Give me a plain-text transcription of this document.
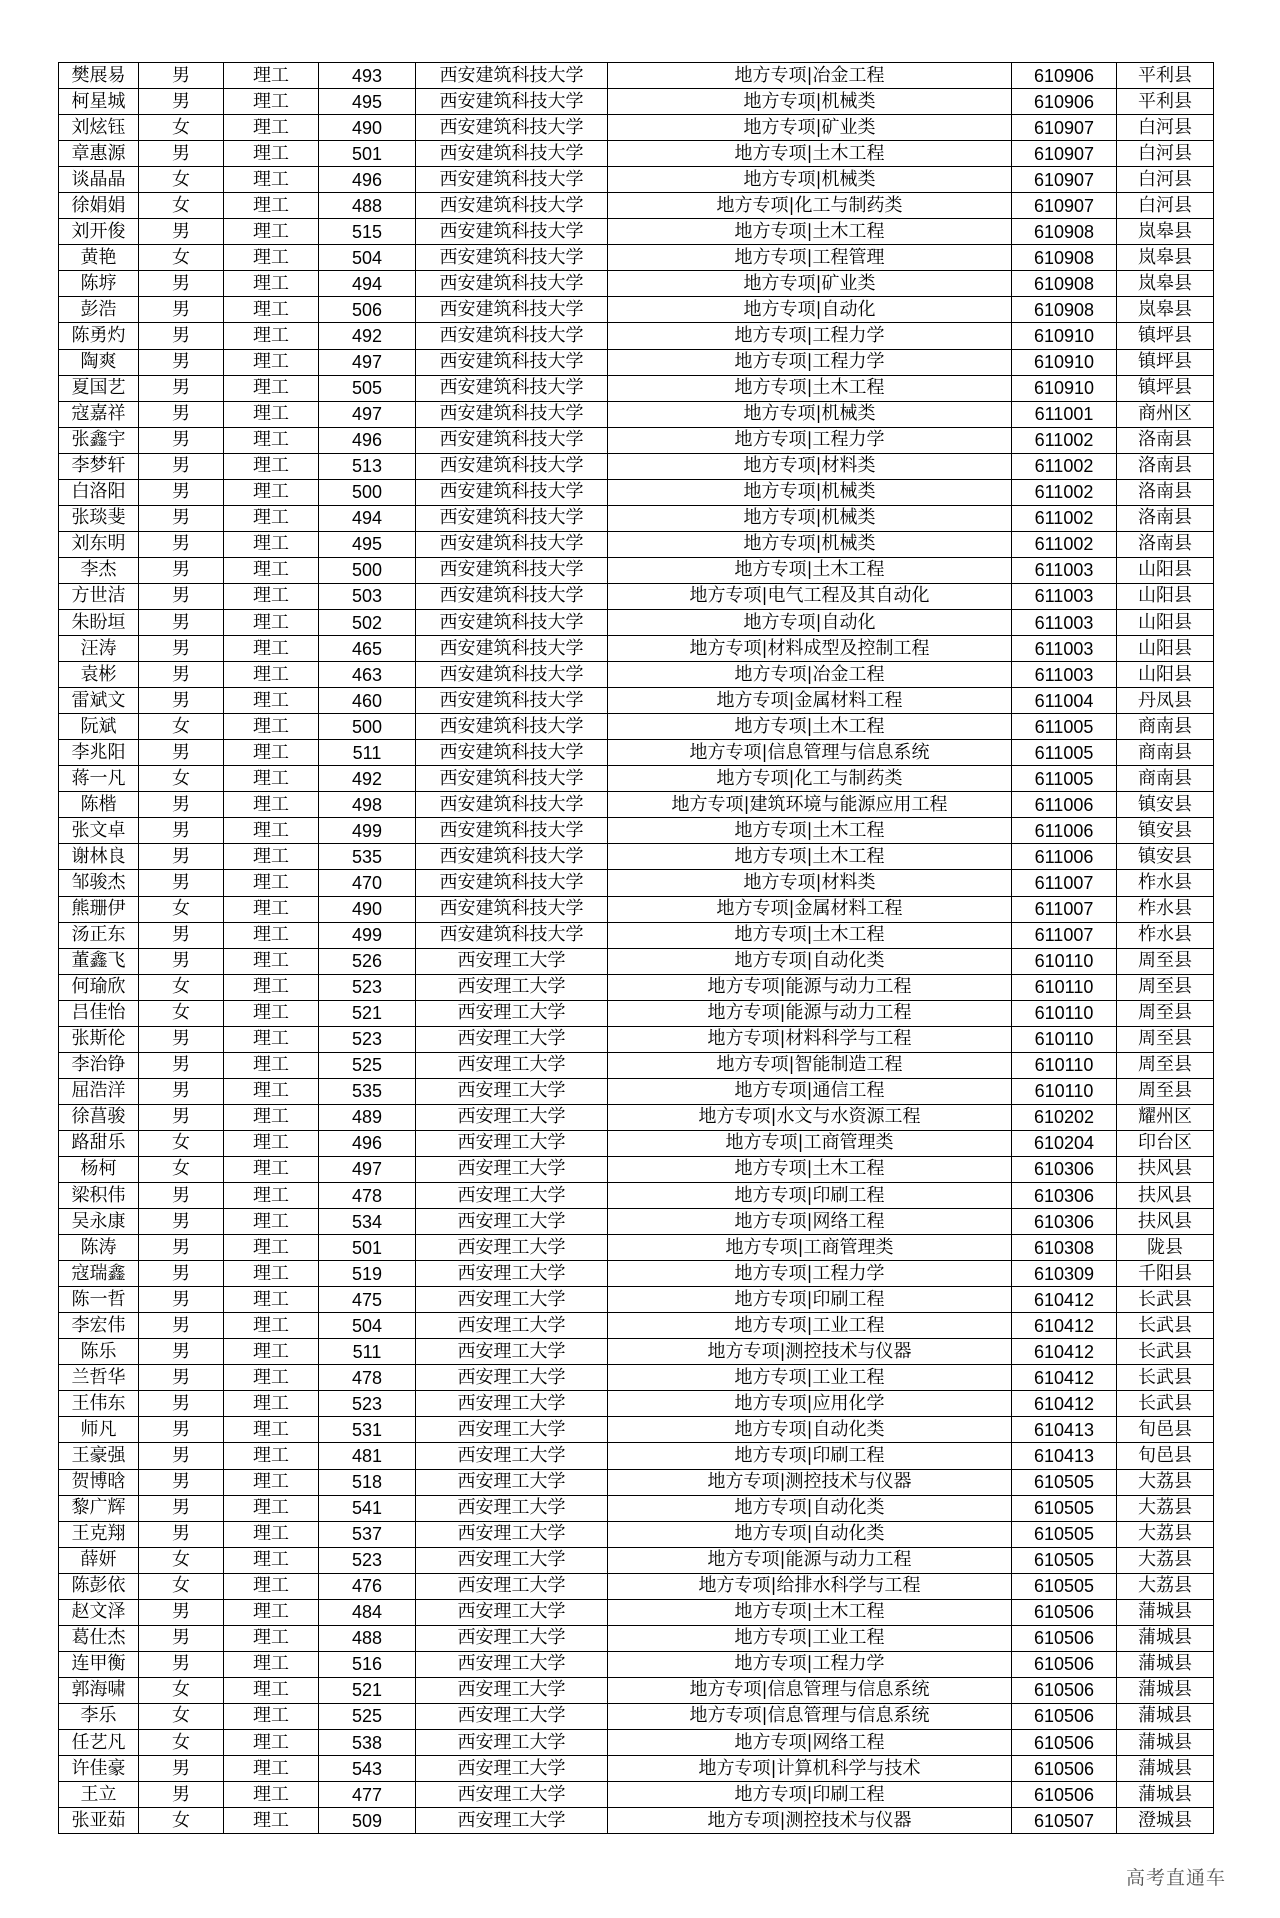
樊展易	男	理工	493	西安建筑科技大学	地方专项|冶金工程	610906	平利县
柯星城	男	理工	495	西安建筑科技大学	地方专项|机械类	610906	平利县
刘炫钰	女	理工	490	西安建筑科技大学	地方专项|矿业类	610907	白河县
章惠源	男	理工	501	西安建筑科技大学	地方专项|土木工程	610907	白河县
谈晶晶	女	理工	496	西安建筑科技大学	地方专项|机械类	610907	白河县
徐娟娟	女	理工	488	西安建筑科技大学	地方专项|化工与制药类	610907	白河县
刘开俊	男	理工	515	西安建筑科技大学	地方专项|土木工程	610908	岚皋县
黄艳	女	理工	504	西安建筑科技大学	地方专项|工程管理	610908	岚皋县
陈垿	男	理工	494	西安建筑科技大学	地方专项|矿业类	610908	岚皋县
彭浩	男	理工	506	西安建筑科技大学	地方专项|自动化	610908	岚皋县
陈勇灼	男	理工	492	西安建筑科技大学	地方专项|工程力学	610910	镇坪县
陶爽	男	理工	497	西安建筑科技大学	地方专项|工程力学	610910	镇坪县
夏国艺	男	理工	505	西安建筑科技大学	地方专项|土木工程	610910	镇坪县
寇嘉祥	男	理工	497	西安建筑科技大学	地方专项|机械类	611001	商州区
张鑫宇	男	理工	496	西安建筑科技大学	地方专项|工程力学	611002	洛南县
李梦轩	男	理工	513	西安建筑科技大学	地方专项|材料类	611002	洛南县
白洛阳	男	理工	500	西安建筑科技大学	地方专项|机械类	611002	洛南县
张琰斐	男	理工	494	西安建筑科技大学	地方专项|机械类	611002	洛南县
刘东明	男	理工	495	西安建筑科技大学	地方专项|机械类	611002	洛南县
李杰	男	理工	500	西安建筑科技大学	地方专项|土木工程	611003	山阳县
方世洁	男	理工	503	西安建筑科技大学	地方专项|电气工程及其自动化	611003	山阳县
朱盼垣	男	理工	502	西安建筑科技大学	地方专项|自动化	611003	山阳县
汪涛	男	理工	465	西安建筑科技大学	地方专项|材料成型及控制工程	611003	山阳县
袁彬	男	理工	463	西安建筑科技大学	地方专项|冶金工程	611003	山阳县
雷斌文	男	理工	460	西安建筑科技大学	地方专项|金属材料工程	611004	丹凤县
阮斌	女	理工	500	西安建筑科技大学	地方专项|土木工程	611005	商南县
李兆阳	男	理工	511	西安建筑科技大学	地方专项|信息管理与信息系统	611005	商南县
蒋一凡	女	理工	492	西安建筑科技大学	地方专项|化工与制药类	611005	商南县
陈楷	男	理工	498	西安建筑科技大学	地方专项|建筑环境与能源应用工程	611006	镇安县
张文卓	男	理工	499	西安建筑科技大学	地方专项|土木工程	611006	镇安县
谢林良	男	理工	535	西安建筑科技大学	地方专项|土木工程	611006	镇安县
邹骏杰	男	理工	470	西安建筑科技大学	地方专项|材料类	611007	柞水县
熊珊伊	女	理工	490	西安建筑科技大学	地方专项|金属材料工程	611007	柞水县
汤正东	男	理工	499	西安建筑科技大学	地方专项|土木工程	611007	柞水县
董鑫飞	男	理工	526	西安理工大学	地方专项|自动化类	610110	周至县
何瑜欣	女	理工	523	西安理工大学	地方专项|能源与动力工程	610110	周至县
吕佳怡	女	理工	521	西安理工大学	地方专项|能源与动力工程	610110	周至县
张斯伦	男	理工	523	西安理工大学	地方专项|材料科学与工程	610110	周至县
李治铮	男	理工	525	西安理工大学	地方专项|智能制造工程	610110	周至县
屈浩洋	男	理工	535	西安理工大学	地方专项|通信工程	610110	周至县
徐菖骏	男	理工	489	西安理工大学	地方专项|水文与水资源工程	610202	耀州区
路甜乐	女	理工	496	西安理工大学	地方专项|工商管理类	610204	印台区
杨柯	女	理工	497	西安理工大学	地方专项|土木工程	610306	扶风县
梁积伟	男	理工	478	西安理工大学	地方专项|印刷工程	610306	扶风县
吴永康	男	理工	534	西安理工大学	地方专项|网络工程	610306	扶风县
陈涛	男	理工	501	西安理工大学	地方专项|工商管理类	610308	陇县
寇瑞鑫	男	理工	519	西安理工大学	地方专项|工程力学	610309	千阳县
陈一哲	男	理工	475	西安理工大学	地方专项|印刷工程	610412	长武县
李宏伟	男	理工	504	西安理工大学	地方专项|工业工程	610412	长武县
陈乐	男	理工	511	西安理工大学	地方专项|测控技术与仪器	610412	长武县
兰哲华	男	理工	478	西安理工大学	地方专项|工业工程	610412	长武县
王伟东	男	理工	523	西安理工大学	地方专项|应用化学	610412	长武县
师凡	男	理工	531	西安理工大学	地方专项|自动化类	610413	旬邑县
王豪强	男	理工	481	西安理工大学	地方专项|印刷工程	610413	旬邑县
贺博晗	男	理工	518	西安理工大学	地方专项|测控技术与仪器	610505	大荔县
黎广辉	男	理工	541	西安理工大学	地方专项|自动化类	610505	大荔县
王克翔	男	理工	537	西安理工大学	地方专项|自动化类	610505	大荔县
薛妍	女	理工	523	西安理工大学	地方专项|能源与动力工程	610505	大荔县
陈彭依	女	理工	476	西安理工大学	地方专项|给排水科学与工程	610505	大荔县
赵文泽	男	理工	484	西安理工大学	地方专项|土木工程	610506	蒲城县
葛仕杰	男	理工	488	西安理工大学	地方专项|工业工程	610506	蒲城县
连甲衡	男	理工	516	西安理工大学	地方专项|工程力学	610506	蒲城县
郭海啸	女	理工	521	西安理工大学	地方专项|信息管理与信息系统	610506	蒲城县
李乐	女	理工	525	西安理工大学	地方专项|信息管理与信息系统	610506	蒲城县
任艺凡	女	理工	538	西安理工大学	地方专项|网络工程	610506	蒲城县
许佳豪	男	理工	543	西安理工大学	地方专项|计算机科学与技术	610506	蒲城县
王立	男	理工	477	西安理工大学	地方专项|印刷工程	610506	蒲城县
张亚茹	女	理工	509	西安理工大学	地方专项|测控技术与仪器	610507	澄城县
高考直通车
